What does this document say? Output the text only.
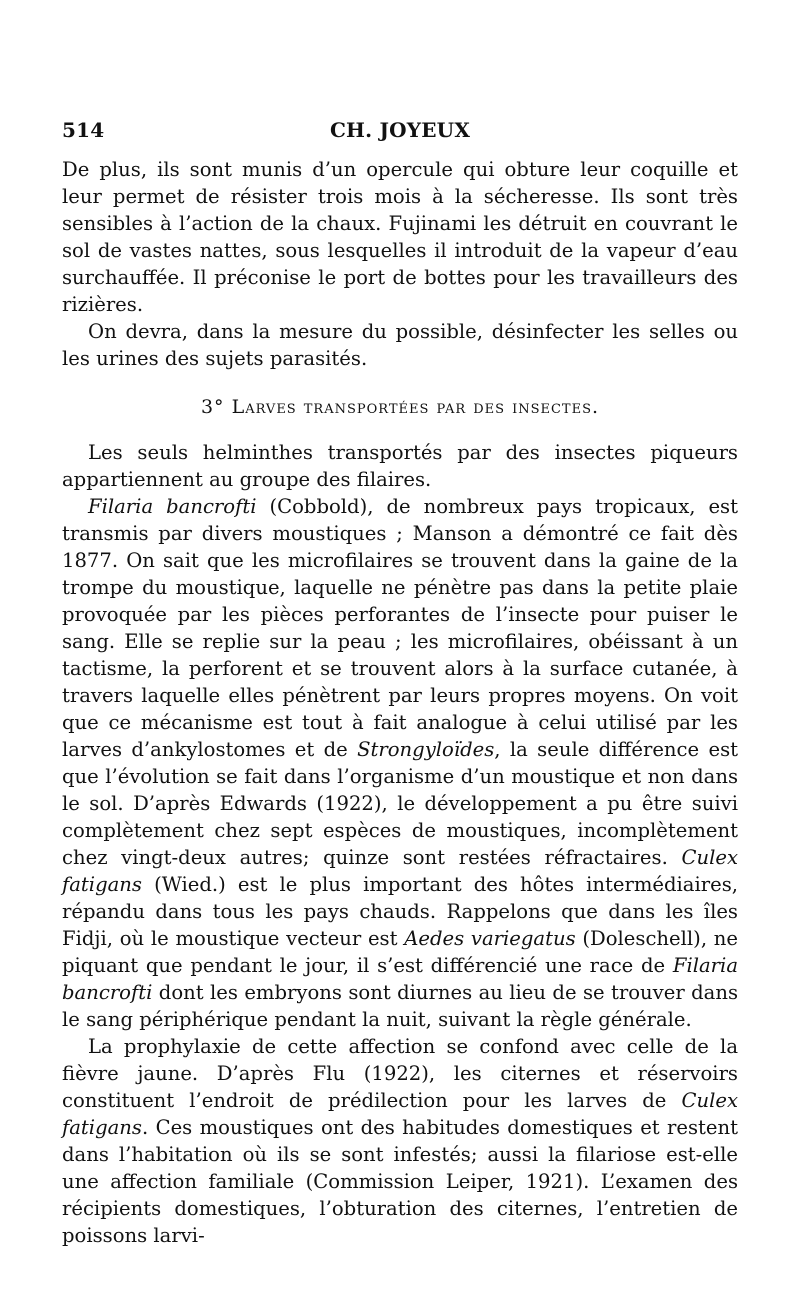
514	CH. JOYEUX

De plus, ils sont munis d’un opercule qui obture leur coquille et leur permet de résister trois mois à la sécheresse. Ils sont très sensibles à l’action de la chaux. Fujinami les détruit en couvrant le sol de vastes nattes, sous lesquelles il introduit de la vapeur d’eau surchauffée. Il préconise le port de bottes pour les travailleurs des rizières.

On devra, dans la mesure du possible, désinfecter les selles ou les urines des sujets parasités.

3° Larves transportées par des insectes.

Les seuls helminthes transportés par des insectes piqueurs appartiennent au groupe des filaires.

Filaria bancrofti (Cobbold), de nombreux pays tropicaux, est transmis par divers moustiques ; Manson a démontré ce fait dès 1877. On sait que les microfilaires se trouvent dans la gaine de la trompe du moustique, laquelle ne pénètre pas dans la petite plaie provoquée par les pièces perforantes de l’insecte pour puiser le sang. Elle se replie sur la peau ; les microfilaires, obéissant à un tactisme, la perforent et se trouvent alors à la surface cutanée, à travers laquelle elles pénètrent par leurs propres moyens. On voit que ce mécanisme est tout à fait analogue à celui utilisé par les larves d’ankylostomes et de Strongyloïdes, la seule différence est que l’évolution se fait dans l’organisme d’un moustique et non dans le sol. D’après Edwards (1922), le développement a pu être suivi complètement chez sept espèces de moustiques, incomplètement chez vingt-deux autres; quinze sont restées réfractaires. Culex fatigans (Wied.) est le plus important des hôtes intermédiaires, répandu dans tous les pays chauds. Rappelons que dans les îles Fidji, où le moustique vecteur est Aedes variegatus (Doleschell), ne piquant que pendant le jour, il s’est différencié une race de Filaria bancrofti dont les embryons sont diurnes au lieu de se trouver dans le sang périphérique pendant la nuit, suivant la règle générale.

La prophylaxie de cette affection se confond avec celle de la fièvre jaune. D’après Flu (1922), les citernes et réservoirs constituent l’endroit de prédilection pour les larves de Culex fatigans. Ces moustiques ont des habitudes domestiques et restent dans l’habitation où ils se sont infestés; aussi la filariose est-elle une affection familiale (Commission Leiper, 1921). L’examen des récipients domestiques, l’obturation des citernes, l’entretien de poissons larvi-
